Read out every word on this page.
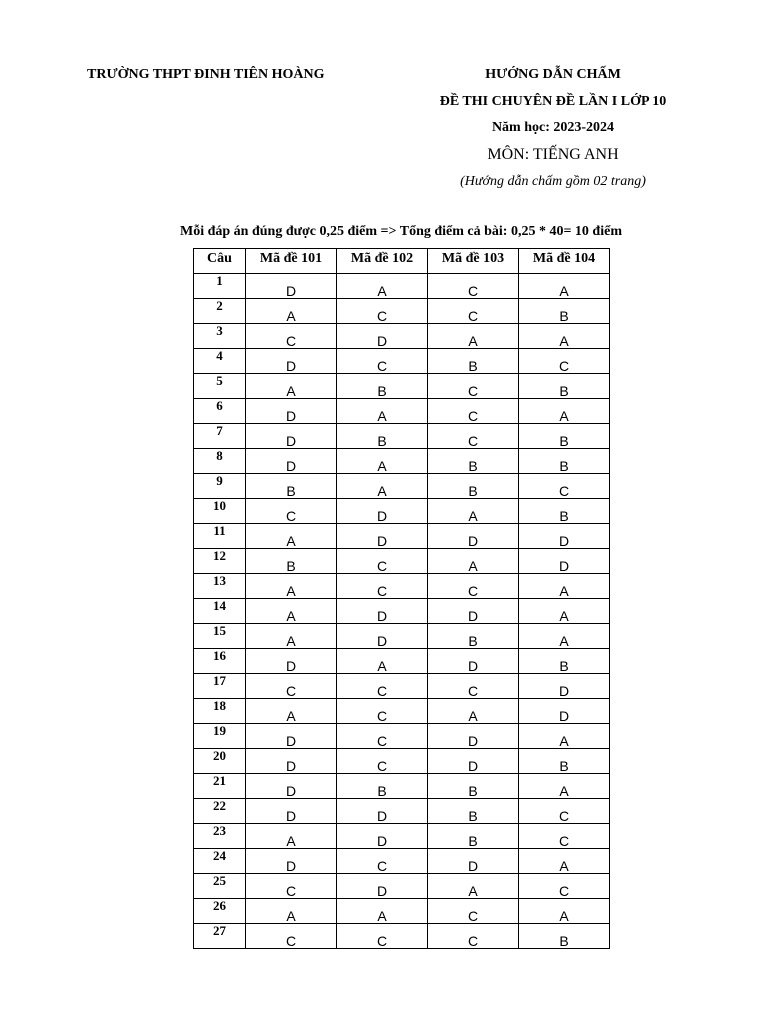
TRƯỜNG THPT ĐINH TIÊN HOÀNG	HƯỚNG DẪN CHẤM
ĐỀ THI CHUYÊN ĐỀ LẦN I LỚP 10
Năm học: 2023-2024
MÔN: TIẾNG ANH
(Hướng dẫn chấm gồm 02 trang)
Mỗi đáp án đúng được 0,25 điểm => Tổng điểm cả bài: 0,25 * 40= 10 điểm
Câu	Mã đề 101	Mã đề 102	Mã đề 103	Mã đề 104
1	D	A	C	A
2	A	C	C	B
3	C	D	A	A
4	D	C	B	C
5	A	B	C	B
6	D	A	C	A
7	D	B	C	B
8	D	A	B	B
9	B	A	B	C
10	C	D	A	B
11	A	D	D	D
12	B	C	A	D
13	A	C	C	A
14	A	D	D	A
15	A	D	B	A
16	D	A	D	B
17	C	C	C	D
18	A	C	A	D
19	D	C	D	A
20	D	C	D	B
21	D	B	B	A
22	D	D	B	C
23	A	D	B	C
24	D	C	D	A
25	C	D	A	C
26	A	A	C	A
27	C	C	C	B
